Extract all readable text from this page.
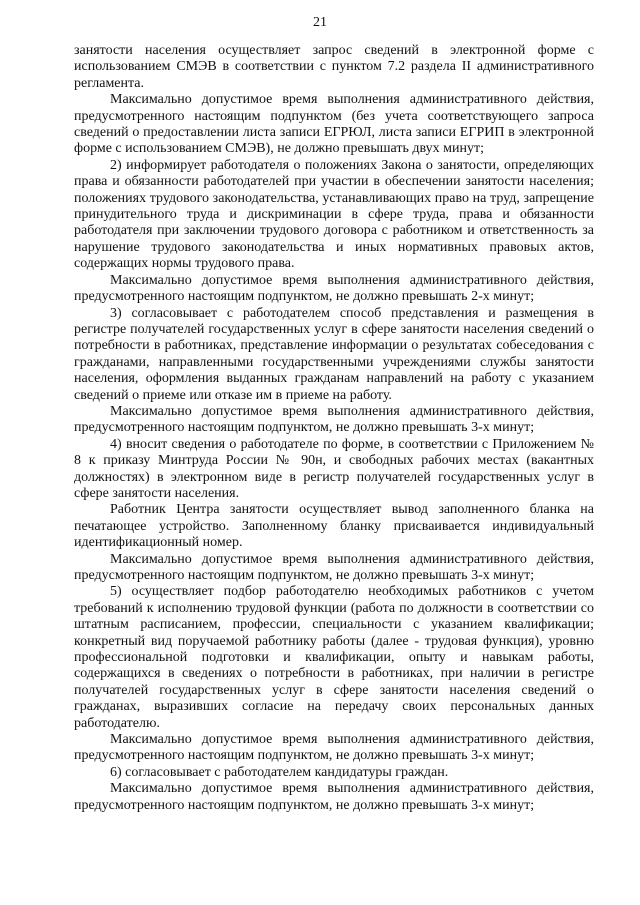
21

занятости населения осуществляет запрос сведений в электронной форме с использованием СМЭВ в соответствии с пунктом 7.2 раздела II административного регламента.

Максимально допустимое время выполнения административного действия, предусмотренного настоящим подпунктом (без учета соответствующего запроса сведений о предоставлении листа записи ЕГРЮЛ, листа записи ЕГРИП в электронной форме с использованием СМЭВ), не должно превышать двух минут;

2) информирует работодателя о положениях Закона о занятости, определяющих права и обязанности работодателей при участии в обеспечении занятости населения; положениях трудового законодательства, устанавливающих право на труд, запрещение принудительного труда и дискриминации в сфере труда, права и обязанности работодателя при заключении трудового договора с работником и ответственность за нарушение трудового законодательства и иных нормативных правовых актов, содержащих нормы трудового права.

Максимально допустимое время выполнения административного действия, предусмотренного настоящим подпунктом, не должно превышать 2-х минут;

3) согласовывает с работодателем способ представления и размещения в регистре получателей государственных услуг в сфере занятости населения сведений о потребности в работниках, представление информации о результатах собеседования с гражданами, направленными государственными учреждениями службы занятости населения, оформления выданных гражданам направлений на работу с указанием сведений о приеме или отказе им в приеме на работу.

Максимально допустимое время выполнения административного действия, предусмотренного настоящим подпунктом, не должно превышать 3-х минут;

4) вносит сведения о работодателе по форме, в соответствии с Приложением № 8 к приказу Минтруда России № 90н, и свободных рабочих местах (вакантных должностях) в электронном виде в регистр получателей государственных услуг в сфере занятости населения.

Работник Центра занятости осуществляет вывод заполненного бланка на печатающее устройство. Заполненному бланку присваивается индивидуальный идентификационный номер.

Максимально допустимое время выполнения административного действия, предусмотренного настоящим подпунктом, не должно превышать 3-х минут;

5) осуществляет подбор работодателю необходимых работников с учетом требований к исполнению трудовой функции (работа по должности в соответствии со штатным расписанием, профессии, специальности с указанием квалификации; конкретный вид поручаемой работнику работы (далее - трудовая функция), уровню профессиональной подготовки и квалификации, опыту и навыкам работы, содержащихся в сведениях о потребности в работниках, при наличии в регистре получателей государственных услуг в сфере занятости населения сведений о гражданах, выразивших согласие на передачу своих персональных данных работодателю.

Максимально допустимое время выполнения административного действия, предусмотренного настоящим подпунктом, не должно превышать 3-х минут;

6) согласовывает с работодателем кандидатуры граждан.

Максимально допустимое время выполнения административного действия, предусмотренного настоящим подпунктом, не должно превышать 3-х минут;
